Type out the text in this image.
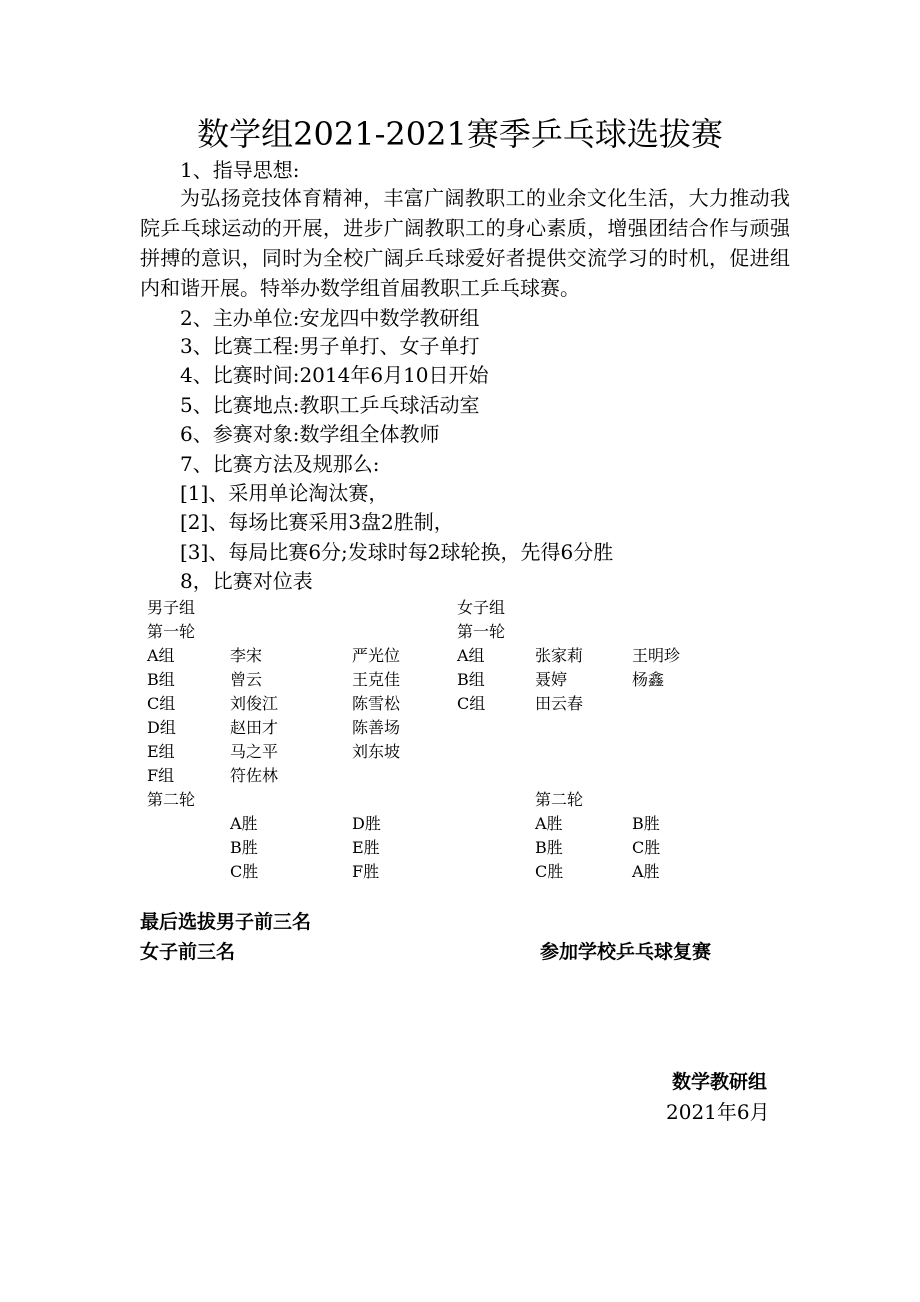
数学组2021-2021赛季乒乓球选拔赛
1、指导思想:
为弘扬竞技体育精神，丰富广阔教职工的业余文化生活，大力推动我院乒乓球运动的开展，进步广阔教职工的身心素质，增强团结合作与顽强拼搏的意识，同时为全校广阔乒乓球爱好者提供交流学习的时机，促进组内和谐开展。特举办数学组首届教职工乒乓球赛。
2、主办单位:安龙四中数学教研组
3、比赛工程:男子单打、女子单打
4、比赛时间:2014年6月10日开始
5、比赛地点:教职工乒乓球活动室
6、参赛对象:数学组全体教师
7、比赛方法及规那么:
[1]、采用单论淘汰赛，
[2]、每场比赛采用3盘2胜制，
[3]、每局比赛6分;发球时每2球轮换，先得6分胜
8，比赛对位表
男子组
第一轮
A组	李宋	严光位
B组	曾云	王克佳
C组	刘俊江	陈雪松
D组	赵田才	陈善场
E组	马之平	刘东坡
F组	符佐林
第二轮
A胜	D胜
B胜	E胜
C胜	F胜
女子组
第一轮
A组	张家莉	王明珍
B组	聂婷	杨鑫
C组	田云春
第二轮
A胜	B胜
B胜	C胜
C胜	A胜
最后选拔男子前三名
女子前三名	参加学校乒乓球复赛
数学教研组
2021年6月
